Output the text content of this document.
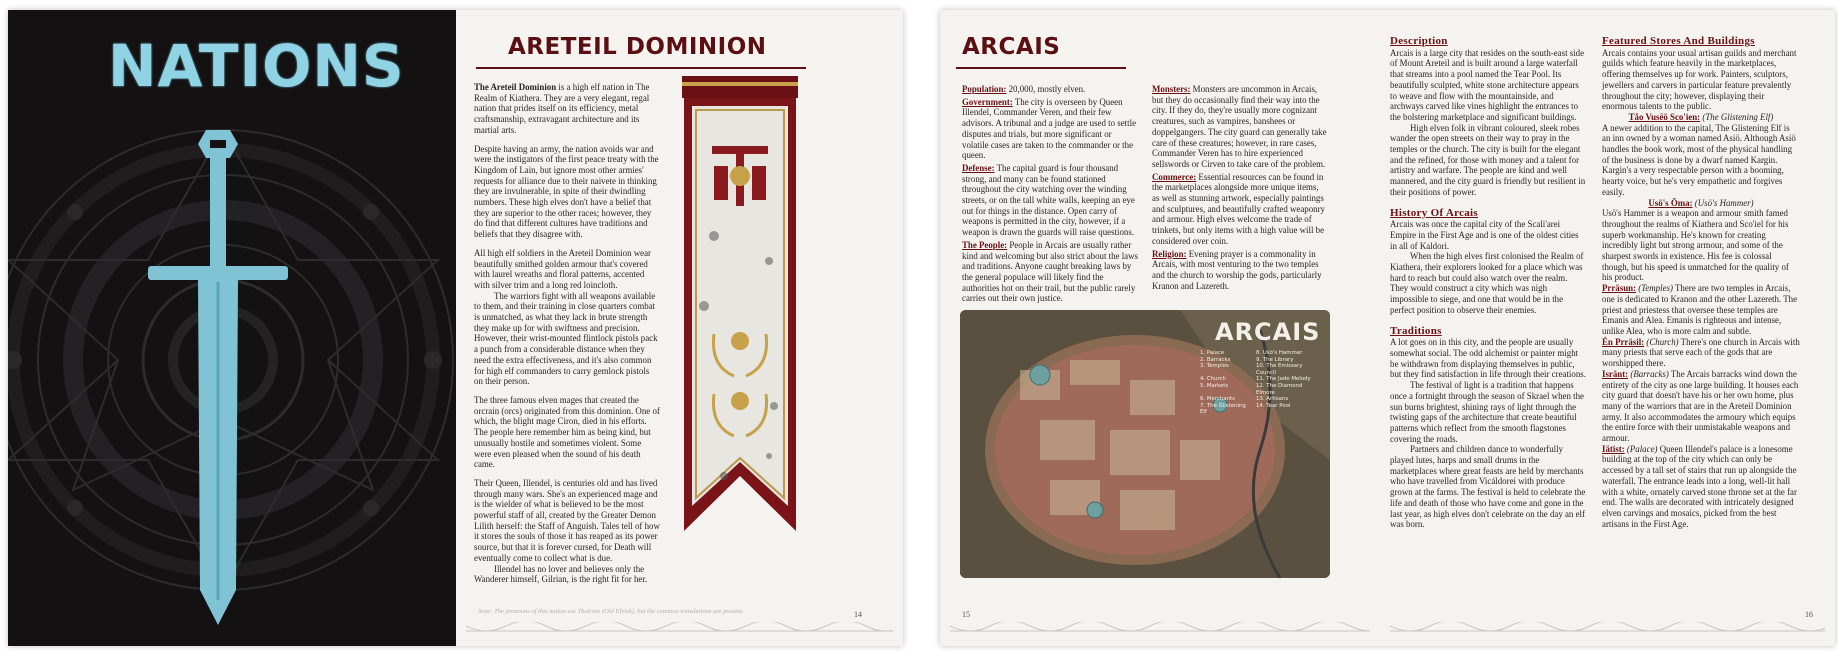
NATIONS	ARETEIL DOMINION

The Areteil Dominion is a high elf nation in The Realm of Kiathera. They are a very elegant, regal nation that prides itself on its efficiency, metal craftsmanship, extravagant architecture and its martial arts.

Despite having an army, the nation avoids war and were the instigators of the first peace treaty with the Kingdom of Lain, but ignore most other armies' requests for alliance due to their naivete in thinking they are invulnerable, in spite of their dwindling numbers. These high elves don't have a belief that they are superior to the other races; however, they do find that different cultures have traditions and beliefs that they disagree with.

All high elf soldiers in the Areteil Dominion wear beautifully smithed golden armour that's covered with laurel wreaths and floral patterns, accented with silver trim and a long red loincloth.

The warriors fight with all weapons available to them, and their training in close quarters combat is unmatched, as what they lack in brute strength they make up for with swiftness and precision. However, their wrist-mounted flintlock pistols pack a punch from a considerable distance when they need the extra effectiveness, and it's also common for high elf commanders to carry gemlock pistols on their person.

The three famous elven mages that created the orcrain (orcs) originated from this dominion. One of which, the blight mage Ciron, died in his efforts. The people here remember him as being kind, but unusually hostile and sometimes violent. Some were even pleased when the sound of his death came.

Their Queen, Illendel, is centuries old and has lived through many wars. She's an experienced mage and is the wielder of what is believed to be the most powerful staff of all, created by the Greater Demon Lilith herself: the Staff of Anguish. Tales tell of how it stores the souls of those it has reaped as its power source, but that it is forever cursed, for Death will eventually come to collect what is due.

Illendel has no lover and believes only the Wanderer himself, Gilrian, is the right fit for her.

Note: The pronouns of this nation use Thalrion (Old Elvish), but the common translations are present.	14
ARCAIS
Population: 20,000, mostly elven.
Government: The city is overseen by Queen Illendel, Commander Veren, and their few advisors. A tribunal and a judge are used to settle disputes and trials, but more significant or volatile cases are taken to the commander or the queen.
Defense: The capital guard is four thousand strong, and many can be found stationed throughout the city watching over the winding streets, or on the tall white walls, keeping an eye out for things in the distance. Open carry of weapons is permitted in the city, however, if a weapon is drawn the guards will raise questions.
The People: People in Arcais are usually rather kind and welcoming but also strict about the laws and traditions. Anyone caught breaking laws by the general populace will likely find the authorities hot on their trail, but the public rarely carries out their own justice.
Monsters: Monsters are uncommon in Arcais, but they do occasionally find their way into the city. If they do, they're usually more cognizant creatures, such as vampires, banshees or doppelgangers. The city guard can generally take care of these creatures; however, in rare cases, Commander Veren has to hire experienced sellswords or Cirven to take care of the problem.
Commerce: Essential resources can be found in the marketplaces alongside more unique items, as well as stunning artwork, especially paintings and sculptures, and beautifully crafted weaponry and armour. High elves welcome the trade of trinkets, but only items with a high value will be considered over coin.
Religion: Evening prayer is a commonality in Arcais, with most venturing to the two temples and the church to worship the gods, particularly Kranon and Lazereth.
ARCAIS
1. Palace	8. Usö's Hammer
2. Barracks	9. The Library
3. Temples	10. The Emissary Council
4. Church	11. The Jade Melody
5. Markets	12. The Diamond Elmore
6. Merchants	13. Artisans
7. The Glistening Elf
14. Tear Pool
15
Description

Arcais is a large city that resides on the south-east side of Mount Areteil and is built around a large waterfall that streams into a pool named the Tear Pool. Its beautifully sculpted, white stone architecture appears to weave and flow with the mountainside, and archways carved like vines highlight the entrances to the bolstering marketplace and significant buildings.

High elven folk in vibrant coloured, sleek robes wander the open streets on their way to pray in the temples or the church. The city is built for the elegant and the refined, for those with money and a talent for artistry and warfare. The people are kind and well mannered, and the city guard is friendly but resilient in their positions of power.

History Of Arcais

Arcais was once the capital city of the Scali'arei Empire in the First Age and is one of the oldest cities in all of Kaldori.

When the high elves first colonised the Realm of Kiathera, their explorers looked for a place which was hard to reach but could also watch over the realm. They would construct a city which was nigh impossible to siege, and one that would be in the perfect position to observe their enemies.

Traditions

A lot goes on in this city, and the people are usually somewhat social. The odd alchemist or painter might be withdrawn from displaying themselves in public, but they find satisfaction in life through their creations.

The festival of light is a tradition that happens once a fortnight through the season of Skrael when the sun burns brightest, shining rays of light through the twisting gaps of the architecture that create beautiful patterns which reflect from the smooth flagstones covering the roads.

Partners and children dance to wonderfully played lutes, harps and small drums in the marketplaces where great feasts are held by merchants who have travelled from Vicáldorei with produce grown at the farms. The festival is held to celebrate the life and death of those who have come and gone in the last year, as high elves don't celebrate on the day an elf was born.

Featured Stores And Buildings

Arcais contains your usual artisan guilds and merchant guilds which feature heavily in the marketplaces, offering themselves up for work. Painters, sculptors, jewellers and carvers in particular feature prevalently throughout the city; however, displaying their enormous talents to the public.

Tåo Vusëö Sco'ien: (The Glistening Elf)
A newer addition to the capital, The Glistening Elf is an inn owned by a woman named Asiö. Although Asiö handles the book work, most of the physical handling of the business is done by a dwarf named Kargin. Kargin's a very respectable person with a booming, hearty voice, but he's very empathetic and forgives easily.
Usö's Öma: (Usö's Hammer)
Usö's Hammer is a weapon and armour smith famed throughout the realms of Kiathera and Sco'iel for his superb workmanship. He's known for creating incredibly light but strong armour, and some of the sharpest swords in existence. His fee is colossal though, but his speed is unmatched for the quality of his product.
Prräsun: (Temples) There are two temples in Arcais, one is dedicated to Kranon and the other Lazereth. The priest and priestess that oversee these temples are Emanis and Alea. Emanis is righteous and intense, unlike Alea, who is more calm and subtle.
Én Prräsil: (Church) There's one church in Arcais with many priests that serve each of the gods that are worshipped there.
Isränt: (Barracks) The Arcais barracks wind down the entirety of the city as one large building. It houses each city guard that doesn't have his or her own home, plus many of the warriors that are in the Areteil Dominion army. It also accommodates the armoury which equips the entire force with their unmistakable weapons and armour.
Iätist: (Palace) Queen Illendel's palace is a lonesome building at the top of the city which can only be accessed by a tall set of stairs that run up alongside the waterfall. The entrance leads into a long, well-lit hall with a white, ornately carved stone throne set at the far end. The walls are decorated with intricately designed elven carvings and mosaics, picked from the best artisans in the First Age.
16
